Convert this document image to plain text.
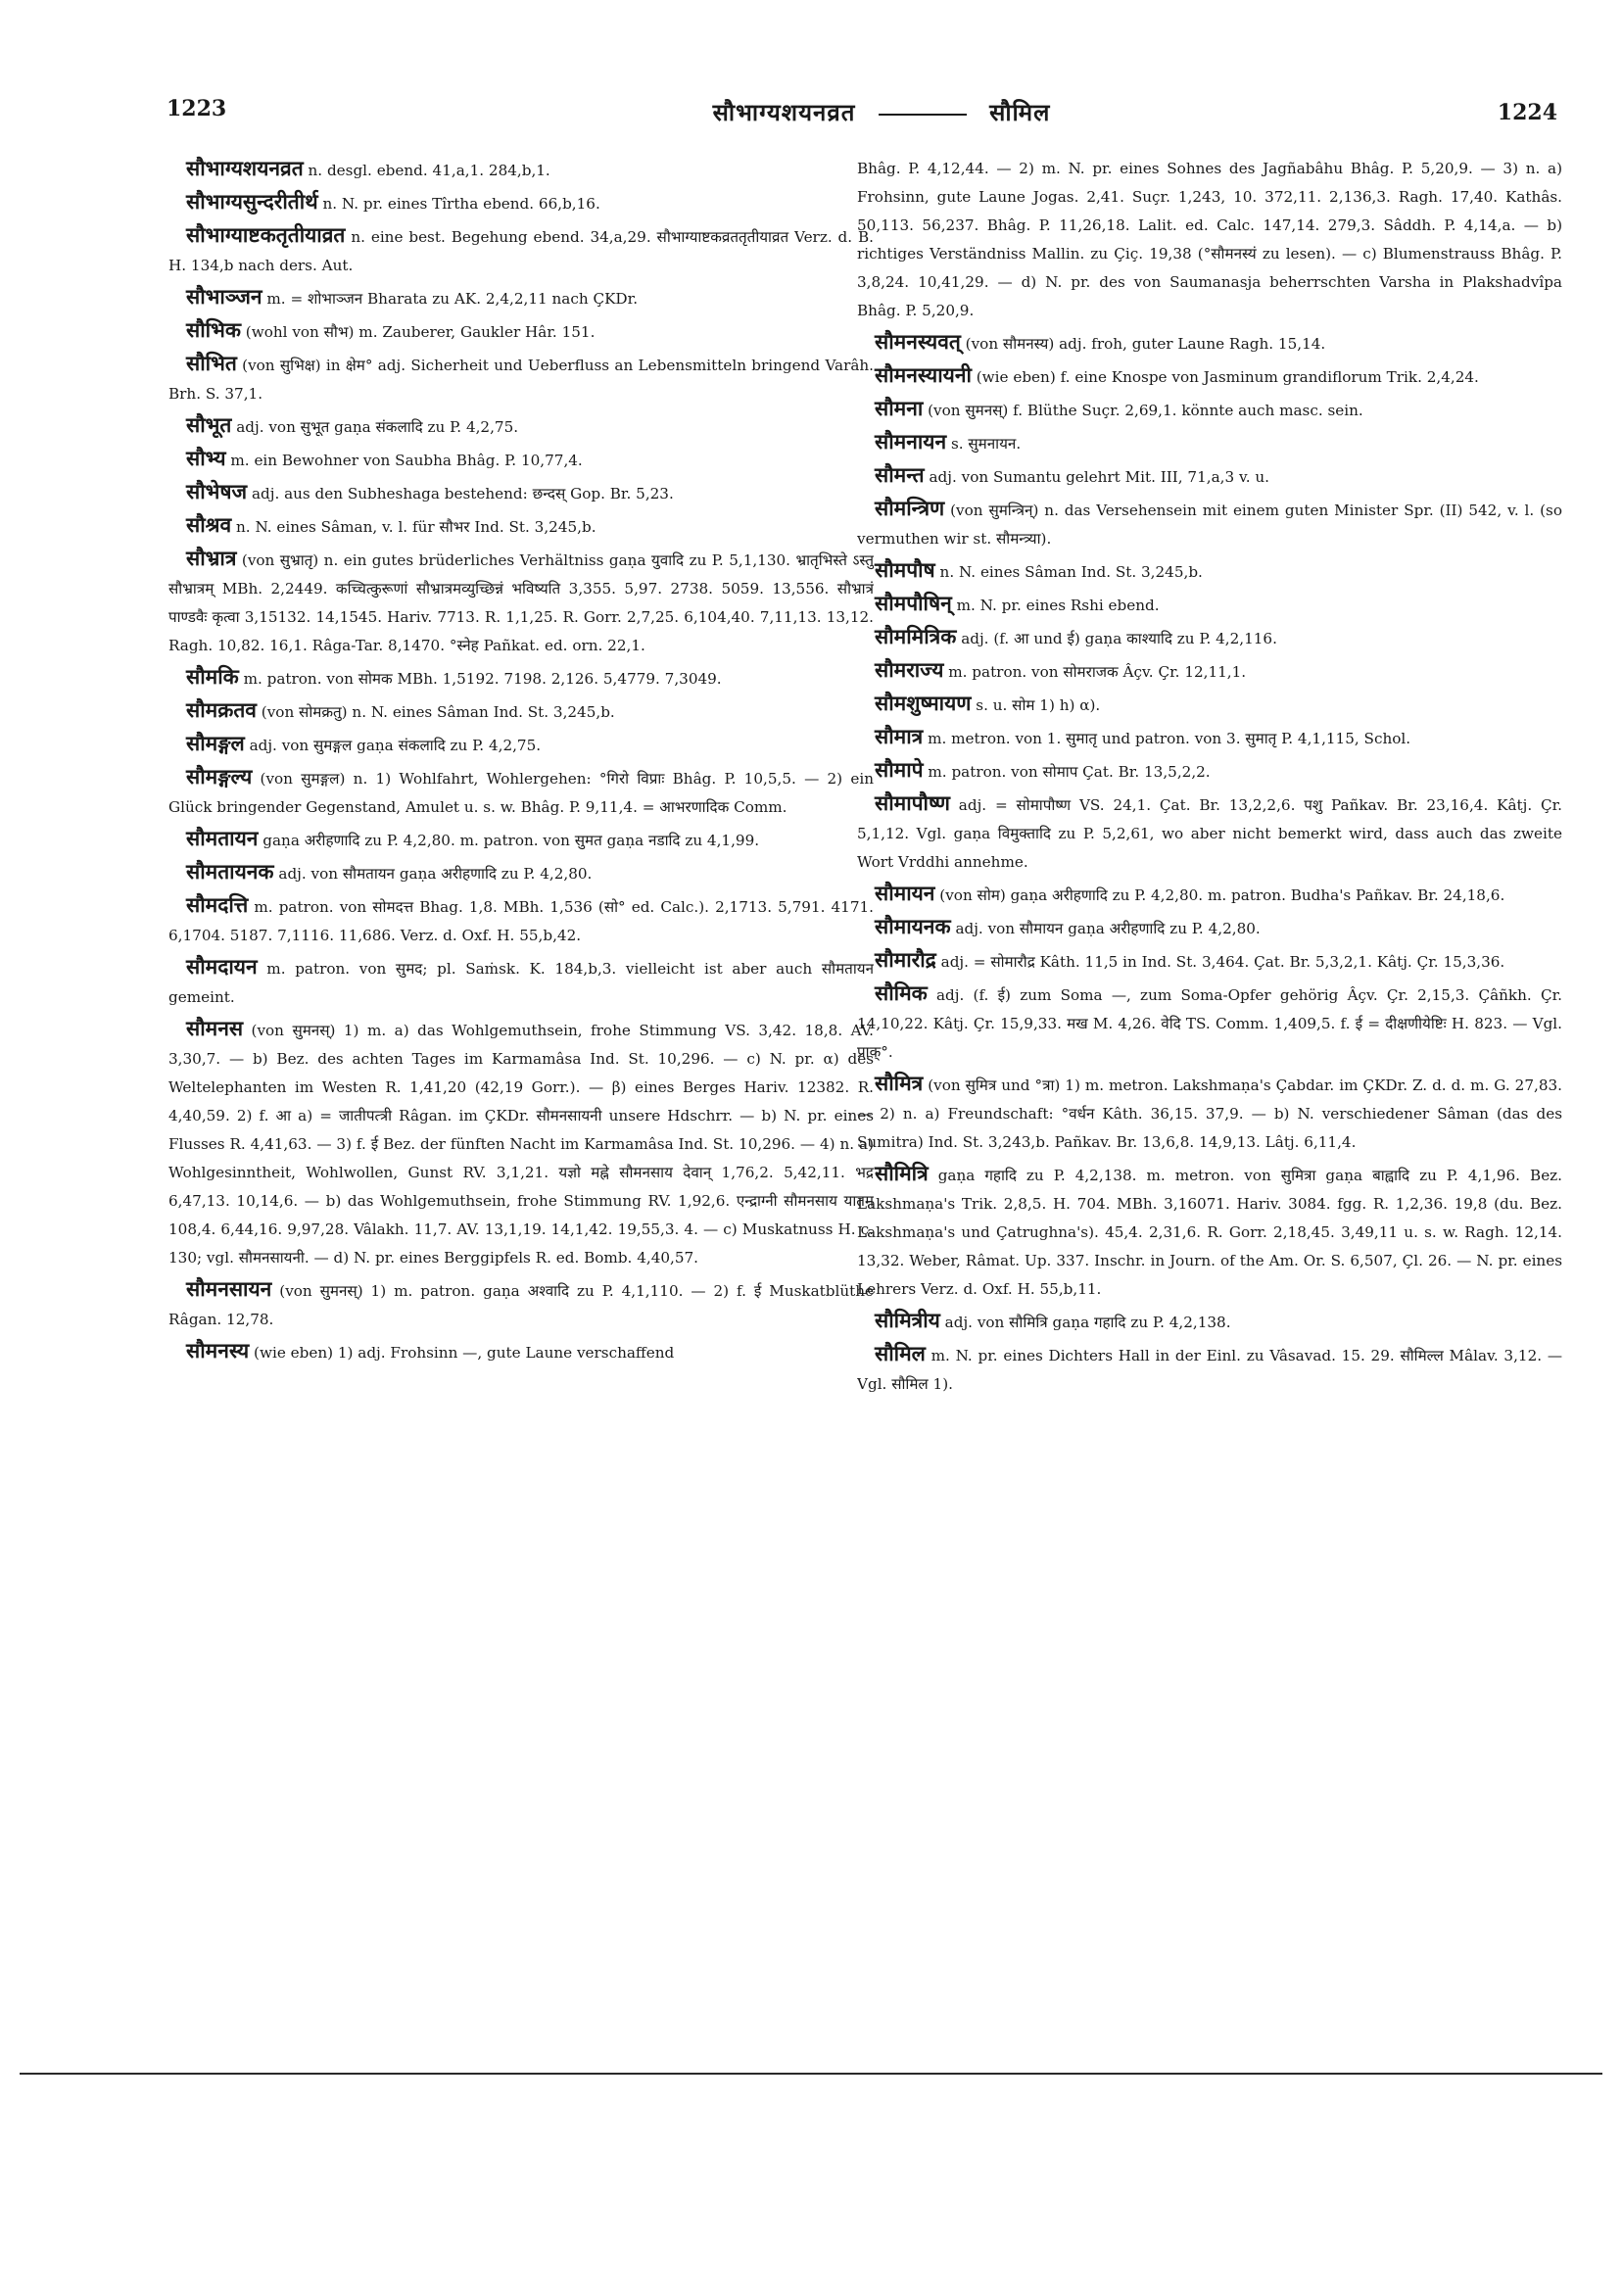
1223	सौभाग्यशयनव्रत	सौमिल	1224

सौभाग्यशयनव्रत n. desgl. ebend. 41,a,1. 284,b,1.

सौभाग्यसुन्दरीतीर्थ n. N. pr. eines Tîrtha ebend. 66,b,16.

सौभाग्याष्टकतृतीयाव्रत n. eine best. Begehung ebend. 34,a,29. सौभाग्याष्टकव्रततृतीयाव्रत Verz. d. B. H. 134,b nach ders. Aut.

सौभाञ्जन m. = शोभाञ्जन Bharata zu AK. 2,4,2,11 nach ÇKDr.

सौभिक (wohl von सौभ) m. Zauberer, Gaukler Hâr. 151.

सौभित (von सुभिक्ष) in क्षेम° adj. Sicherheit und Ueberfluss an Lebensmitteln bringend Varâh. Brh. S. 37,1.

सौभूत adj. von सुभूत gaṇa संकलादि zu P. 4,2,75.

सौभ्य m. ein Bewohner von Saubha Bhâg. P. 10,77,4.

सौभेषज adj. aus den Subheshaga bestehend: छन्दस् Gop. Br. 5,23.

सौश्रव n. N. eines Sâman, v. l. für सौभर Ind. St. 3,245,b.

सौभ्रात्र (von सुभ्रातृ) n. ein gutes brüderliches Verhältniss gaṇa युवादि zu P. 5,1,130. भ्रातृभिस्ते ऽस्तु सौभ्रात्रम् MBh. 2,2449. कच्चित्कुरूणां सौभ्रात्रमव्युच्छिन्नं भविष्यति 3,355. 5,97. 2738. 5059. 13,556. सौभ्रात्रं पाण्डवैः कृत्वा 3,15132. 14,1545. Hariv. 7713. R. 1,1,25. R. Gorr. 2,7,25. 6,104,40. 7,11,13. 13,12. Ragh. 10,82. 16,1. Râga-Tar. 8,1470. °स्नेह Pañkat. ed. orn. 22,1.

सौमकि m. patron. von सोमक MBh. 1,5192. 7198. 2,126. 5,4779. 7,3049.

सौमक्रतव (von सोमक्रतु) n. N. eines Sâman Ind. St. 3,245,b.

सौमङ्गल adj. von सुमङ्गल gaṇa संकलादि zu P. 4,2,75.

सौमङ्गल्य (von सुमङ्गल) n. 1) Wohlfahrt, Wohlergehen: °गिरो विप्राः Bhâg. P. 10,5,5. — 2) ein Glück bringender Gegenstand, Amulet u. s. w. Bhâg. P. 9,11,4. = आभरणादिक Comm.

सौमतायन gaṇa अरीहणादि zu P. 4,2,80. m. patron. von सुमत gaṇa नडादि zu 4,1,99.

सौमतायनक adj. von सौमतायन gaṇa अरीहणादि zu P. 4,2,80.

सौमदत्ति m. patron. von सोमदत्त Bhag. 1,8. MBh. 1,536 (सो° ed. Calc.). 2,1713. 5,791. 4171. 6,1704. 5187. 7,1116. 11,686. Verz. d. Oxf. H. 55,b,42.

सौमदायन m. patron. von सुमद; pl. Saṁsk. K. 184,b,3. vielleicht ist aber auch सौमतायन gemeint.

सौमनस (von सुमनस्) 1) m. a) das Wohlgemuthsein, frohe Stimmung VS. 3,42. 18,8. AV. 3,30,7. — b) Bez. des achten Tages im Karmamâsa Ind. St. 10,296. — c) N. pr. α) des Weltelephanten im Westen R. 1,41,20 (42,19 Gorr.). — β) eines Berges Hariv. 12382. R. 4,40,59. 2) f. आ a) = जातीपत्त्री Râgan. im ÇKDr. सौमनसायनी unsere Hdschrr. — b) N. pr. eines Flusses R. 4,41,63. — 3) f. ई Bez. der fünften Nacht im Karmamâsa Ind. St. 10,296. — 4) n. a) Wohlgesinntheit, Wohlwollen, Gunst RV. 3,1,21. यज्ञो मह्ने सौमनसाय देवान् 1,76,2. 5,42,11. भद्र 6,47,13. 10,14,6. — b) das Wohlgemuthsein, frohe Stimmung RV. 1,92,6. एन्द्राग्नी सौमनसाय यातम् 108,4. 6,44,16. 9,97,28. Vâlakh. 11,7. AV. 13,1,19. 14,1,42. 19,55,3. 4. — c) Muskatnuss H. ç. 130; vgl. सौमनसायनी. — d) N. pr. eines Berggipfels R. ed. Bomb. 4,40,57.

सौमनसायन (von सुमनस्) 1) m. patron. gaṇa अश्वादि zu P. 4,1,110. — 2) f. ई Muskatblüthe Râgan. 12,78.

सौमनस्य (wie eben) 1) adj. Frohsinn —, gute Laune verschaffend

Bhâg. P. 4,12,44. — 2) m. N. pr. eines Sohnes des Jagñabâhu Bhâg. P. 5,20,9. — 3) n. a) Frohsinn, gute Laune Jogas. 2,41. Suçr. 1,243, 10. 372,11. 2,136,3. Ragh. 17,40. Kathâs. 50,113. 56,237. Bhâg. P. 11,26,18. Lalit. ed. Calc. 147,14. 279,3. Sâddh. P. 4,14,a. — b) richtiges Verständniss Mallin. zu Çiç. 19,38 (°सौमनस्यं zu lesen). — c) Blumenstrauss Bhâg. P. 3,8,24. 10,41,29. — d) N. pr. des von Saumanasja beherrschten Varsha in Plakshadvîpa Bhâg. P. 5,20,9.

सौमनस्यवत् (von सौमनस्य) adj. froh, guter Laune Ragh. 15,14.

सौमनस्यायनी (wie eben) f. eine Knospe von Jasminum grandiflorum Trik. 2,4,24.

सौमना (von सुमनस्) f. Blüthe Suçr. 2,69,1. könnte auch masc. sein.

सौमनायन s. सुमनायन.

सौमन्त adj. von Sumantu gelehrt Mit. III, 71,a,3 v. u.

सौमन्त्रिण (von सुमन्त्रिन्) n. das Versehensein mit einem guten Minister Spr. (II) 542, v. l. (so vermuthen wir st. सौमन्त्र्या).

सौमपौष n. N. eines Sâman Ind. St. 3,245,b.

सौमपौषिन् m. N. pr. eines Rshi ebend.

सौममित्रिक adj. (f. आ und ई) gaṇa काश्यादि zu P. 4,2,116.

सौमराज्य m. patron. von सोमराजक Âçv. Çr. 12,11,1.

सौमशुष्मायण s. u. सोम 1) h) α).

सौमात्र m. metron. von 1. सुमातृ und patron. von 3. सुमातृ P. 4,1,115, Schol.

सौमापे m. patron. von सोमाप Çat. Br. 13,5,2,2.

सौमापौष्ण adj. = सोमापौष्ण VS. 24,1. Çat. Br. 13,2,2,6. पशु Pañkav. Br. 23,16,4. Kâtj. Çr. 5,1,12. Vgl. gaṇa विमुक्तादि zu P. 5,2,61, wo aber nicht bemerkt wird, dass auch das zweite Wort Vrddhi annehme.

सौमायन (von सोम) gaṇa अरीहणादि zu P. 4,2,80. m. patron. Budha's Pañkav. Br. 24,18,6.

सौमायनक adj. von सौमायन gaṇa अरीहणादि zu P. 4,2,80.

सौमारौद्र adj. = सोमारौद्र Kâth. 11,5 in Ind. St. 3,464. Çat. Br. 5,3,2,1. Kâtj. Çr. 15,3,36.

सौमिक adj. (f. ई) zum Soma —, zum Soma-Opfer gehörig Âçv. Çr. 2,15,3. Çâñkh. Çr. 14,10,22. Kâtj. Çr. 15,9,33. मख M. 4,26. वेदि TS. Comm. 1,409,5. f. ई = दीक्षणीयेष्टिः H. 823. — Vgl. प्राक्°.

सौमित्र (von सुमित्र und °त्रा) 1) m. metron. Lakshmaṇa's Çabdar. im ÇKDr. Z. d. d. m. G. 27,83. — 2) n. a) Freundschaft: °वर्धन Kâth. 36,15. 37,9. — b) N. verschiedener Sâman (das des Sumitra) Ind. St. 3,243,b. Pañkav. Br. 13,6,8. 14,9,13. Lâtj. 6,11,4.

सौमित्रि gaṇa गहादि zu P. 4,2,138. m. metron. von सुमित्रा gaṇa बाह्वादि zu P. 4,1,96. Bez. Lakshmaṇa's Trik. 2,8,5. H. 704. MBh. 3,16071. Hariv. 3084. fgg. R. 1,2,36. 19,8 (du. Bez. Lakshmaṇa's und Çatrughna's). 45,4. 2,31,6. R. Gorr. 2,18,45. 3,49,11 u. s. w. Ragh. 12,14. 13,32. Weber, Râmat. Up. 337. Inschr. in Journ. of the Am. Or. S. 6,507, Çl. 26. — N. pr. eines Lehrers Verz. d. Oxf. H. 55,b,11.

सौमित्रीय adj. von सौमित्रि gaṇa गहादि zu P. 4,2,138.

सौमिल m. N. pr. eines Dichters Hall in der Einl. zu Vâsavad. 15. 29. सौमिल्ल Mâlav. 3,12. — Vgl. सौमिल 1).
